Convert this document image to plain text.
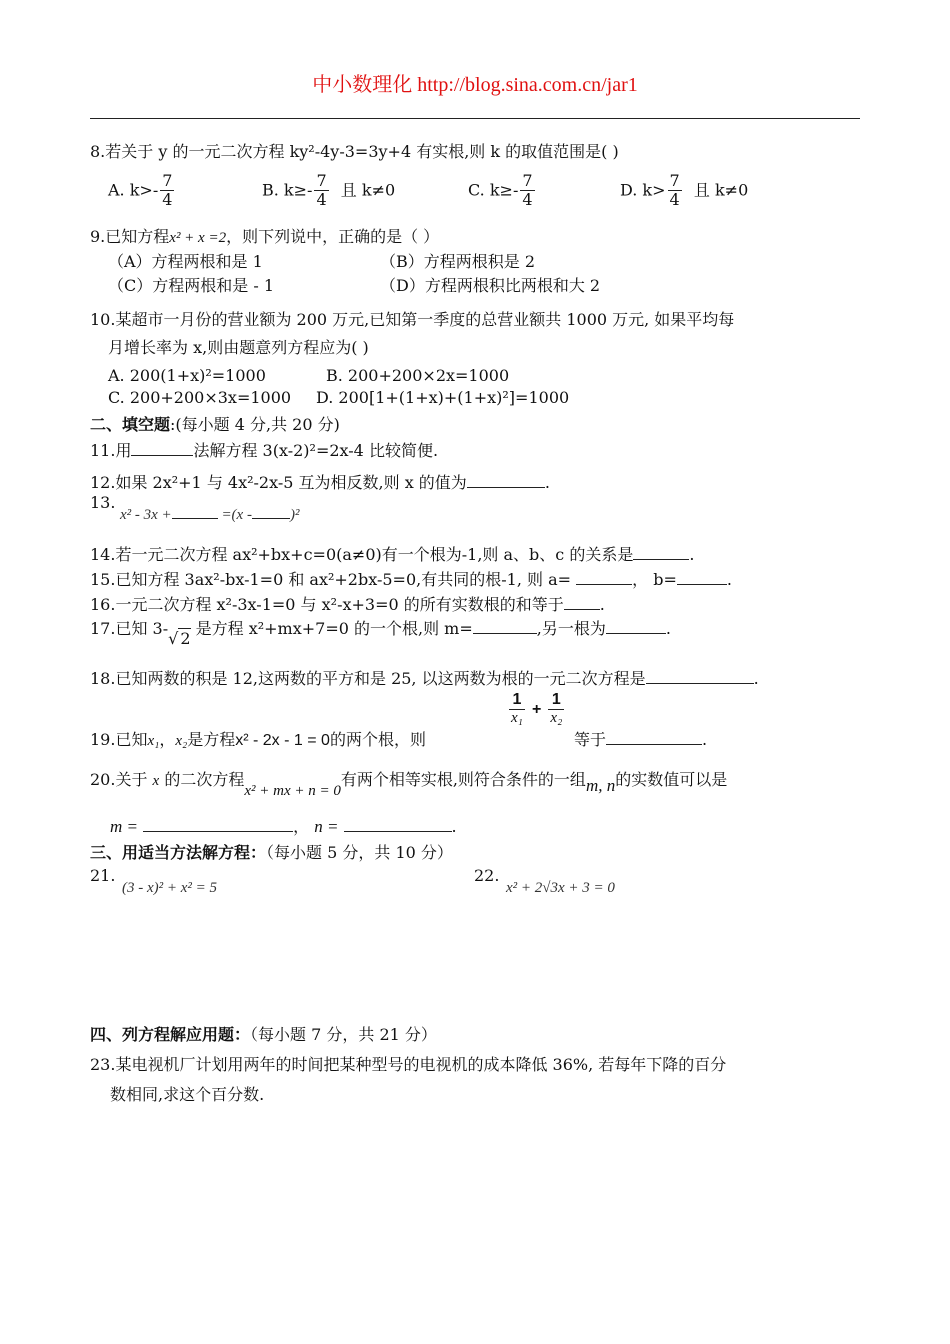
中小数理化 http://blog.sina.com.cn/jar1
8.若关于 y 的一元二次方程 ky²-4y-3=3y+4 有实根,则 k 的取值范围是( )
A. $k>- \frac{7}{4}$	B. $k\ge- \frac{7}{4}$ 且 k≠0	C. $k\ge- \frac{7}{4}$	D. $k> \frac{7}{4}$ 且 k≠0
9.已知方程x² + x =2，则下列说中，正确的是（ ）
（A）方程两根和是 1	（B）方程两根积是 2
（C）方程两根和是 - 1	（D）方程两根积比两根和大 2
10.某超市一月份的营业额为 200 万元,已知第一季度的总营业额共 1000 万元, 如果平均每
月增长率为 x,则由题意列方程应为( )
A. 200(1+x)²=1000	B. 200+200×2x=1000
C. 200+200×3x=1000 D. 200[1+(1+x)+(1+x)²]=1000
二、填空题:(每小题 4 分,共 20 分)
11.用	法解方程 3(x-2)²=2x-4 比较简便.
12.如果 2x²+1 与 4x²-2x-5 互为相反数,则 x 的值为	.
13.
x² - 3x +	=(x -	)²
14.若一元二次方程 ax²+bx+c=0(a≠0)有一个根为-1,则 a、b、c 的关系是	.
15.已知方程 3ax²-bx-1=0 和 ax²+2bx-5=0,有共同的根-1, 则 a=	， b=	.
16.一元二次方程 x²-3x-1=0 与 x²-x+3=0 的所有实数根的和等于 .
17.已知 3-√ 2 是方程 x²+mx+7=0 的一个根,则 m=	,另一根为	.
18.已知两数的积是 12,这两数的平方和是 25, 以这两数为根的一元二次方程是	.
19.已知x₁，x₂是方程x² - 2x - 1 = 0的两个根，则
$\frac{1}{\text{x₁}} + \frac{1}{\text{x₂}}$
等于	.
20.关于 x 的二次方程x² + mx + n = 0有两个相等实根,则符合条件的一组m, n的实数值可以是
m =	， n =	.
三、用适当方法解方程：（每小题 5 分，共 10 分）
21.
(3 - x)² + x² = 5
22.
x² + 2√3x + 3 = 0
四、列方程解应用题：（每小题 7 分，共 21 分）
23.某电视机厂计划用两年的时间把某种型号的电视机的成本降低 36%, 若每年下降的百分
数相同,求这个百分数.
